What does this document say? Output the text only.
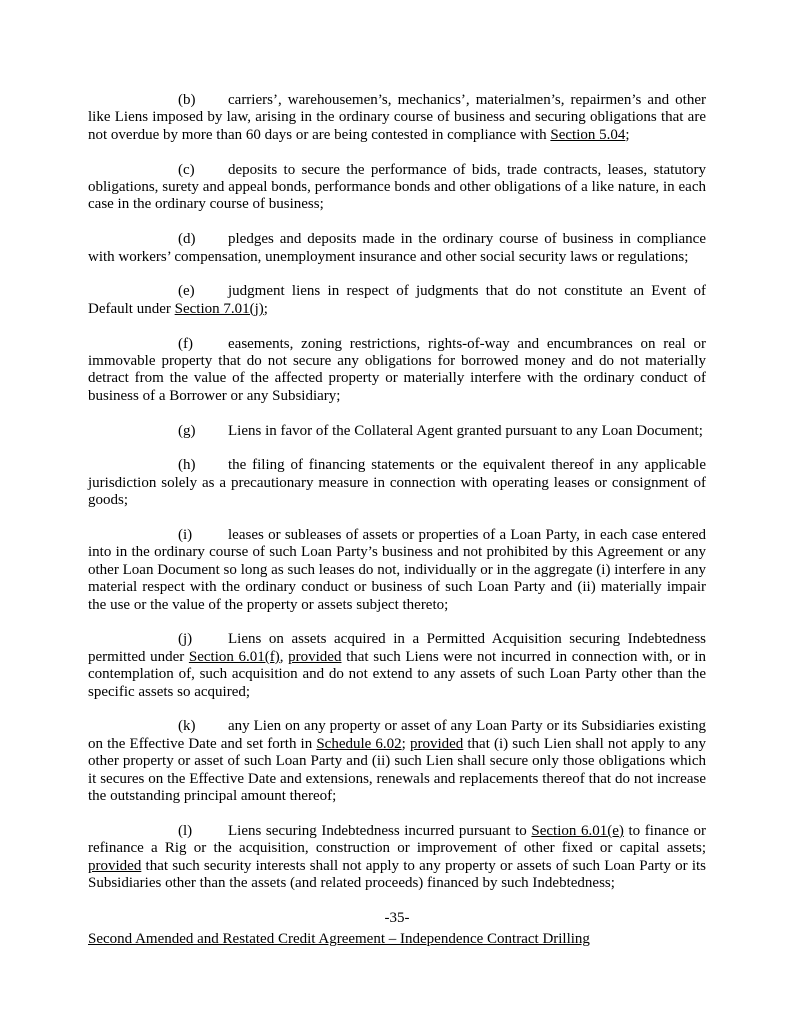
(b) carriers’, warehousemen’s, mechanics’, materialmen’s, repairmen’s and other like Liens imposed by law, arising in the ordinary course of business and securing obligations that are not overdue by more than 60 days or are being contested in compliance with Section 5.04;

(c) deposits to secure the performance of bids, trade contracts, leases, statutory obligations, surety and appeal bonds, performance bonds and other obligations of a like nature, in each case in the ordinary course of business;

(d) pledges and deposits made in the ordinary course of business in compliance with workers’ compensation, unemployment insurance and other social security laws or regulations;

(e) judgment liens in respect of judgments that do not constitute an Event of Default under Section 7.01(j);

(f) easements, zoning restrictions, rights-of-way and encumbrances on real or immovable property that do not secure any obligations for borrowed money and do not materially detract from the value of the affected property or materially interfere with the ordinary conduct of business of a Borrower or any Subsidiary;

(g) Liens in favor of the Collateral Agent granted pursuant to any Loan Document;

(h) the filing of financing statements or the equivalent thereof in any applicable jurisdiction solely as a precautionary measure in connection with operating leases or consignment of goods;

(i) leases or subleases of assets or properties of a Loan Party, in each case entered into in the ordinary course of such Loan Party’s business and not prohibited by this Agreement or any other Loan Document so long as such leases do not, individually or in the aggregate (i) interfere in any material respect with the ordinary conduct or business of such Loan Party and (ii) materially impair the use or the value of the property or assets subject thereto;

(j) Liens on assets acquired in a Permitted Acquisition securing Indebtedness permitted under Section 6.01(f), provided that such Liens were not incurred in connection with, or in contemplation of, such acquisition and do not extend to any assets of such Loan Party other than the specific assets so acquired;

(k) any Lien on any property or asset of any Loan Party or its Subsidiaries existing on the Effective Date and set forth in Schedule 6.02; provided that (i) such Lien shall not apply to any other property or asset of such Loan Party and (ii) such Lien shall secure only those obligations which it secures on the Effective Date and extensions, renewals and replacements thereof that do not increase the outstanding principal amount thereof;

(l) Liens securing Indebtedness incurred pursuant to Section 6.01(e) to finance or refinance a Rig or the acquisition, construction or improvement of other fixed or capital assets; provided that such security interests shall not apply to any property or assets of such Loan Party or its Subsidiaries other than the assets (and related proceeds) financed by such Indebtedness;

-35-
Second Amended and Restated Credit Agreement – Independence Contract Drilling
